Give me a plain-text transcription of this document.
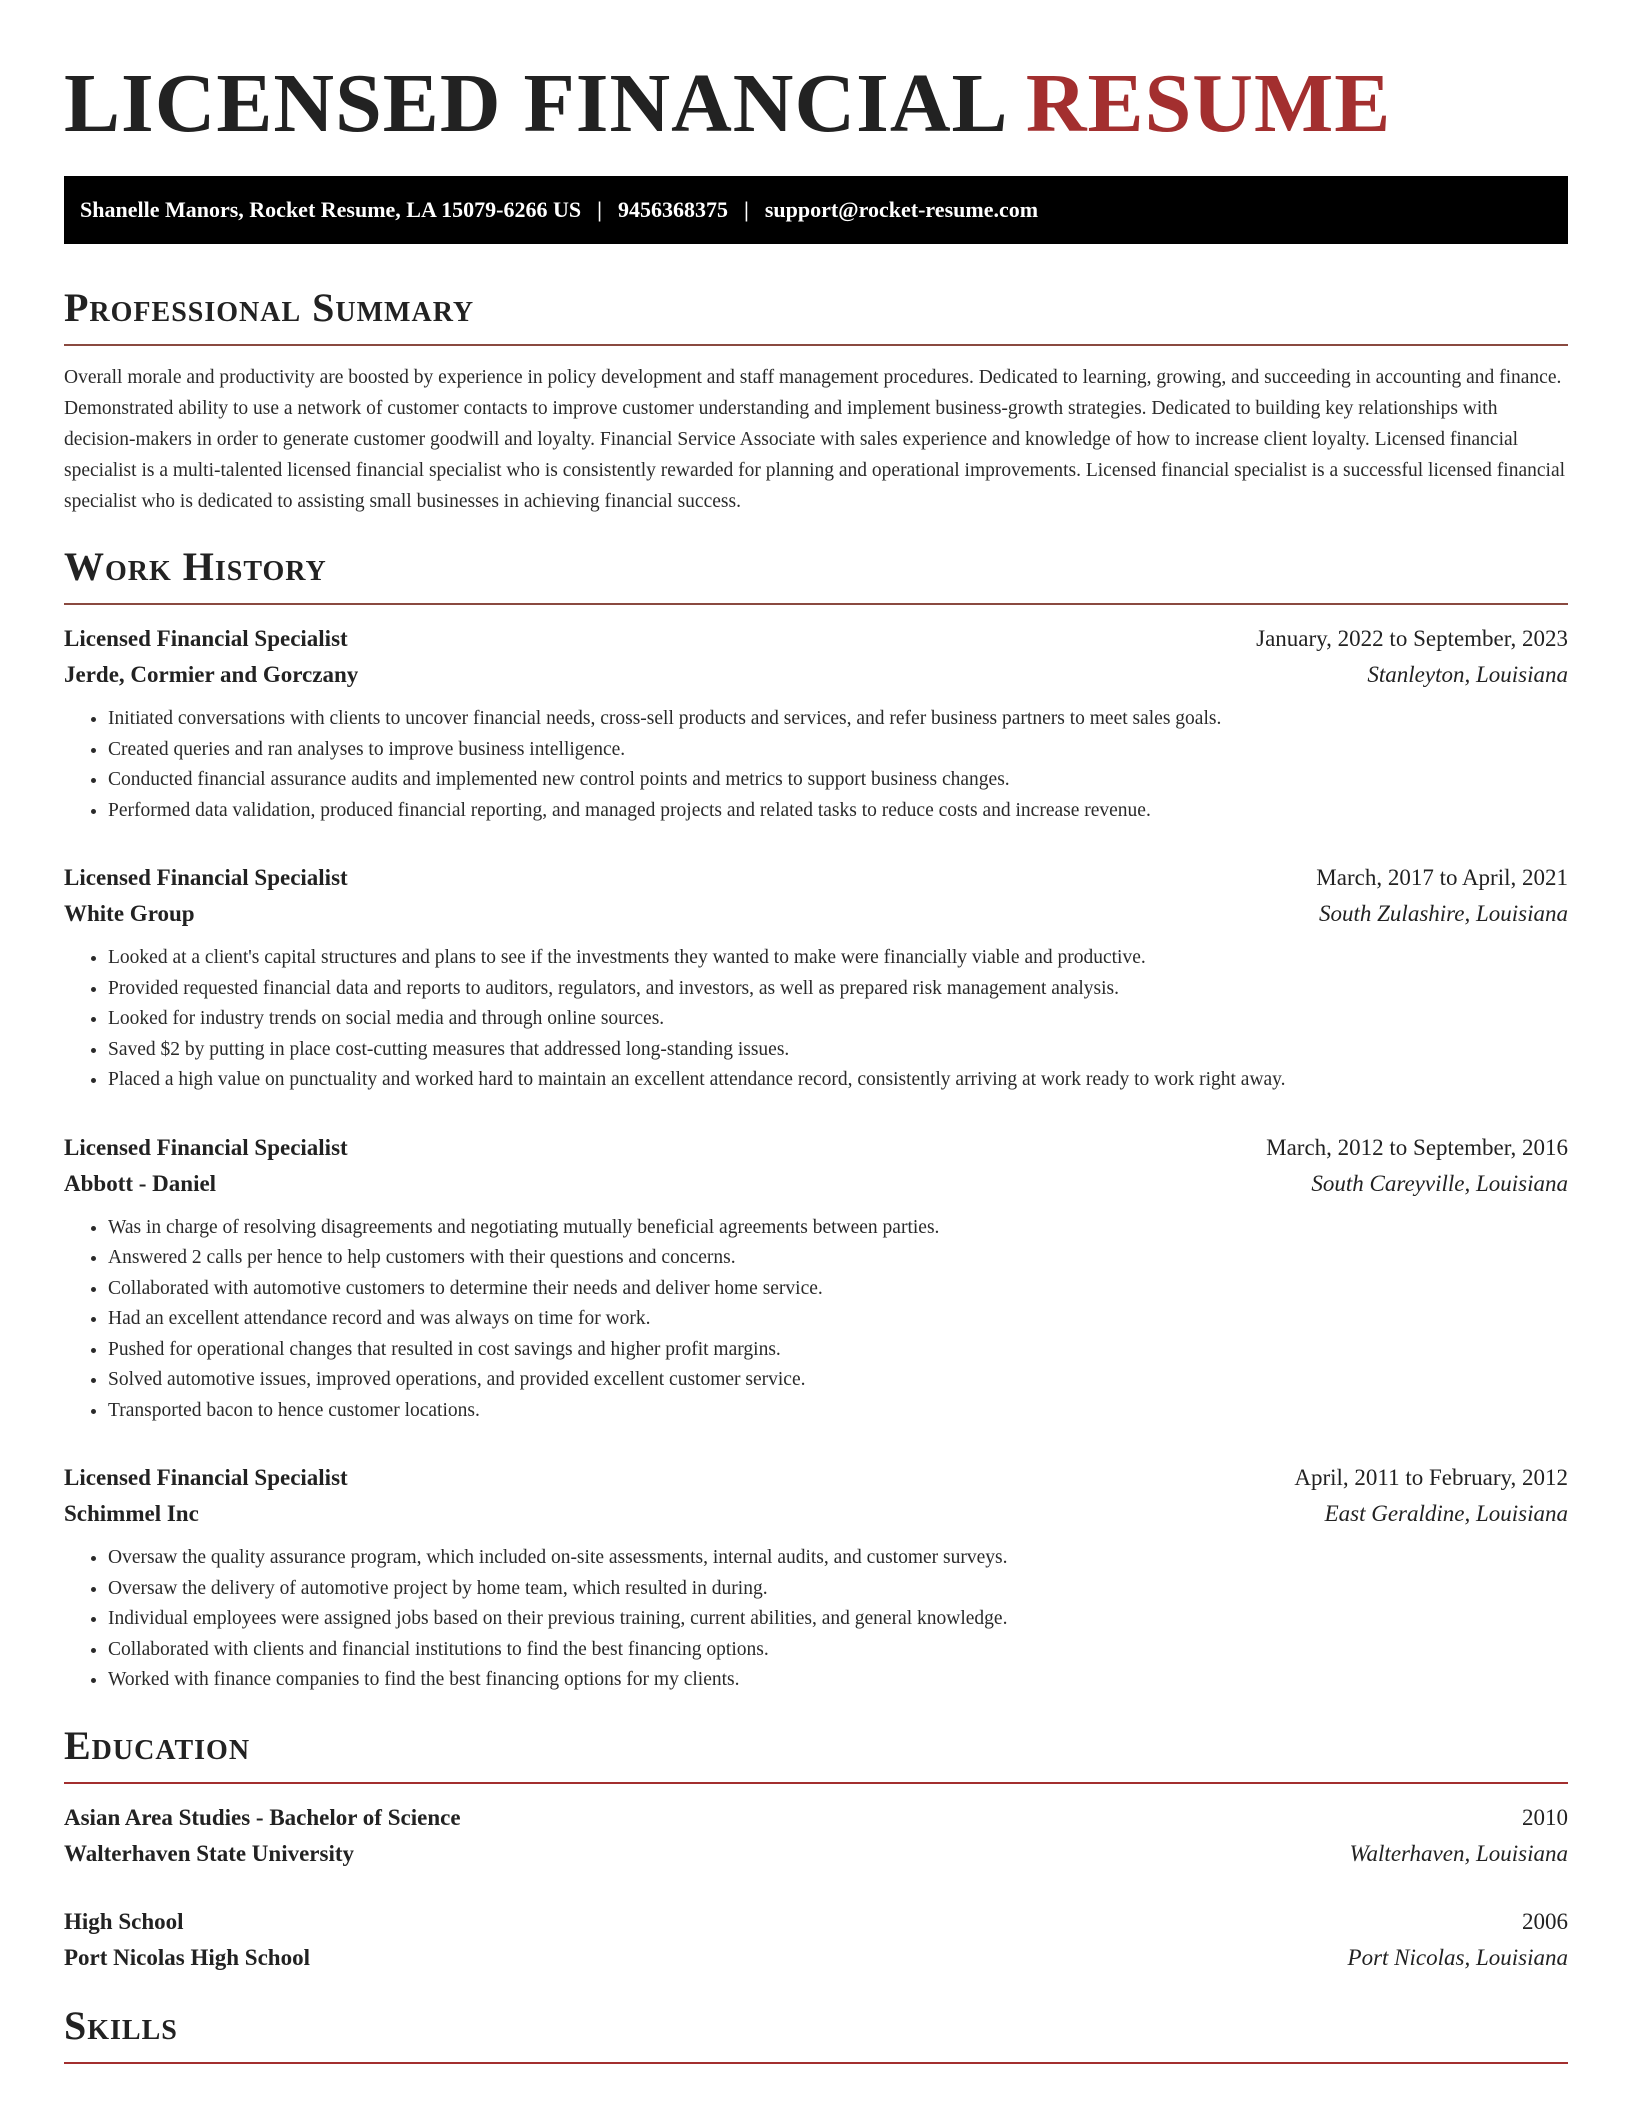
LICENSED FINANCIAL RESUME
Shanelle Manors, Rocket Resume, LA 15079-6266 US | 9456368375 | support@rocket-resume.com
Professional Summary

Overall morale and productivity are boosted by experience in policy development and staff management procedures. Dedicated to learning, growing, and succeeding in accounting and finance. Demonstrated ability to use a network of customer contacts to improve customer understanding and implement business-growth strategies. Dedicated to building key relationships with decision-makers in order to generate customer goodwill and loyalty. Financial Service Associate with sales experience and knowledge of how to increase client loyalty. Licensed financial specialist is a multi-talented licensed financial specialist who is consistently rewarded for planning and operational improvements. Licensed financial specialist is a successful licensed financial specialist who is dedicated to assisting small businesses in achieving financial success.

Work History
Licensed Financial Specialist	January, 2022 to September, 2023
Jerde, Cormier and Gorczany	Stanleyton, Louisiana
• Initiated conversations with clients to uncover financial needs, cross-sell products and services, and refer business partners to meet sales goals.
• Created queries and ran analyses to improve business intelligence.
• Conducted financial assurance audits and implemented new control points and metrics to support business changes.
• Performed data validation, produced financial reporting, and managed projects and related tasks to reduce costs and increase revenue.
Licensed Financial Specialist	March, 2017 to April, 2021
White Group	South Zulashire, Louisiana
• Looked at a client's capital structures and plans to see if the investments they wanted to make were financially viable and productive.
• Provided requested financial data and reports to auditors, regulators, and investors, as well as prepared risk management analysis.
• Looked for industry trends on social media and through online sources.
• Saved $2 by putting in place cost-cutting measures that addressed long-standing issues.
• Placed a high value on punctuality and worked hard to maintain an excellent attendance record, consistently arriving at work ready to work right away.
Licensed Financial Specialist	March, 2012 to September, 2016
Abbott - Daniel	South Careyville, Louisiana
• Was in charge of resolving disagreements and negotiating mutually beneficial agreements between parties.
• Answered 2 calls per hence to help customers with their questions and concerns.
• Collaborated with automotive customers to determine their needs and deliver home service.
• Had an excellent attendance record and was always on time for work.
• Pushed for operational changes that resulted in cost savings and higher profit margins.
• Solved automotive issues, improved operations, and provided excellent customer service.
• Transported bacon to hence customer locations.
Licensed Financial Specialist	April, 2011 to February, 2012
Schimmel Inc	East Geraldine, Louisiana
• Oversaw the quality assurance program, which included on-site assessments, internal audits, and customer surveys.
• Oversaw the delivery of automotive project by home team, which resulted in during.
• Individual employees were assigned jobs based on their previous training, current abilities, and general knowledge.
• Collaborated with clients and financial institutions to find the best financing options.
• Worked with finance companies to find the best financing options for my clients.
Education
Asian Area Studies - Bachelor of Science	2010
Walterhaven State University	Walterhaven, Louisiana
High School	2006
Port Nicolas High School	Port Nicolas, Louisiana
Skills
